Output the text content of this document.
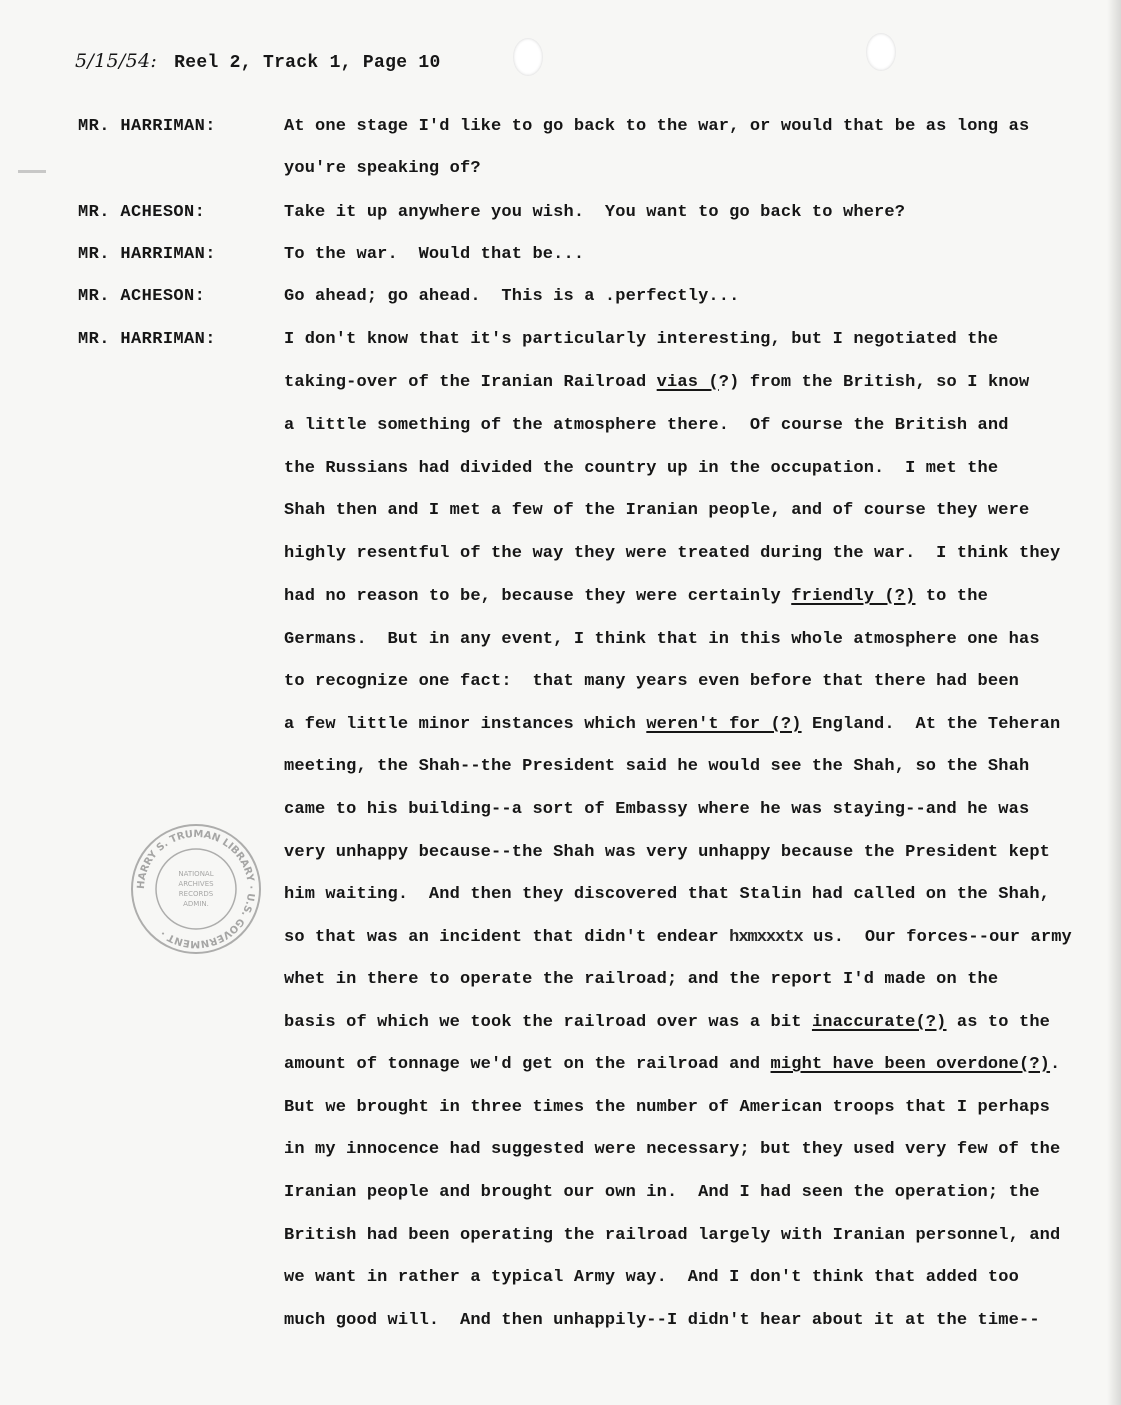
5/15/54: Reel 2, Track 1, Page 10
MR. HARRIMAN:	At one stage I'd like to go back to the war, or would that be as long as
you're speaking of?
MR. ACHESON:	Take it up anywhere you wish.  You want to go back to where?
MR. HARRIMAN:	To the war.  Would that be...
MR. ACHESON:	Go ahead; go ahead.  This is a .perfectly...
MR. HARRIMAN:	I don't know that it's particularly interesting, but I negotiated the
taking-over of the Iranian Railroad vias (?) from the British, so I know
a little something of the atmosphere there.  Of course the British and
the Russians had divided the country up in the occupation.  I met the
Shah then and I met a few of the Iranian people, and of course they were
highly resentful of the way they were treated during the war.  I think they
had no reason to be, because they were certainly friendly (?) to the
Germans.  But in any event, I think that in this whole atmosphere one has
to recognize one fact:  that many years even before that there had been
a few little minor instances which weren't for (?) England.  At the Teheran
meeting, the Shah--the President said he would see the Shah, so the Shah
came to his building--a sort of Embassy where he was staying--and he was
very unhappy because--the Shah was very unhappy because the President kept
him waiting.  And then they discovered that Stalin had called on the Shah,
so that was an incident that didn't endear hxmxxxtx us.  Our forces--our army
whet in there to operate the railroad; and the report I'd made on the
basis of which we took the railroad over was a bit inaccurate(?) as to the
amount of tonnage we'd get on the railroad and might have been overdone(?).
But we brought in three times the number of American troops that I perhaps
in my innocence had suggested were necessary; but they used very few of the
Iranian people and brought our own in.  And I had seen the operation; the
British had been operating the railroad largely with Iranian personnel, and
we want in rather a typical Army way.  And I don't think that added too
much good will.  And then unhappily--I didn't hear about it at the time--
HARRY S. TRUMAN LIBRARY · U.S. GOVERNMENT ·
NATIONAL
ARCHIVES
RECORDS
ADMIN.
